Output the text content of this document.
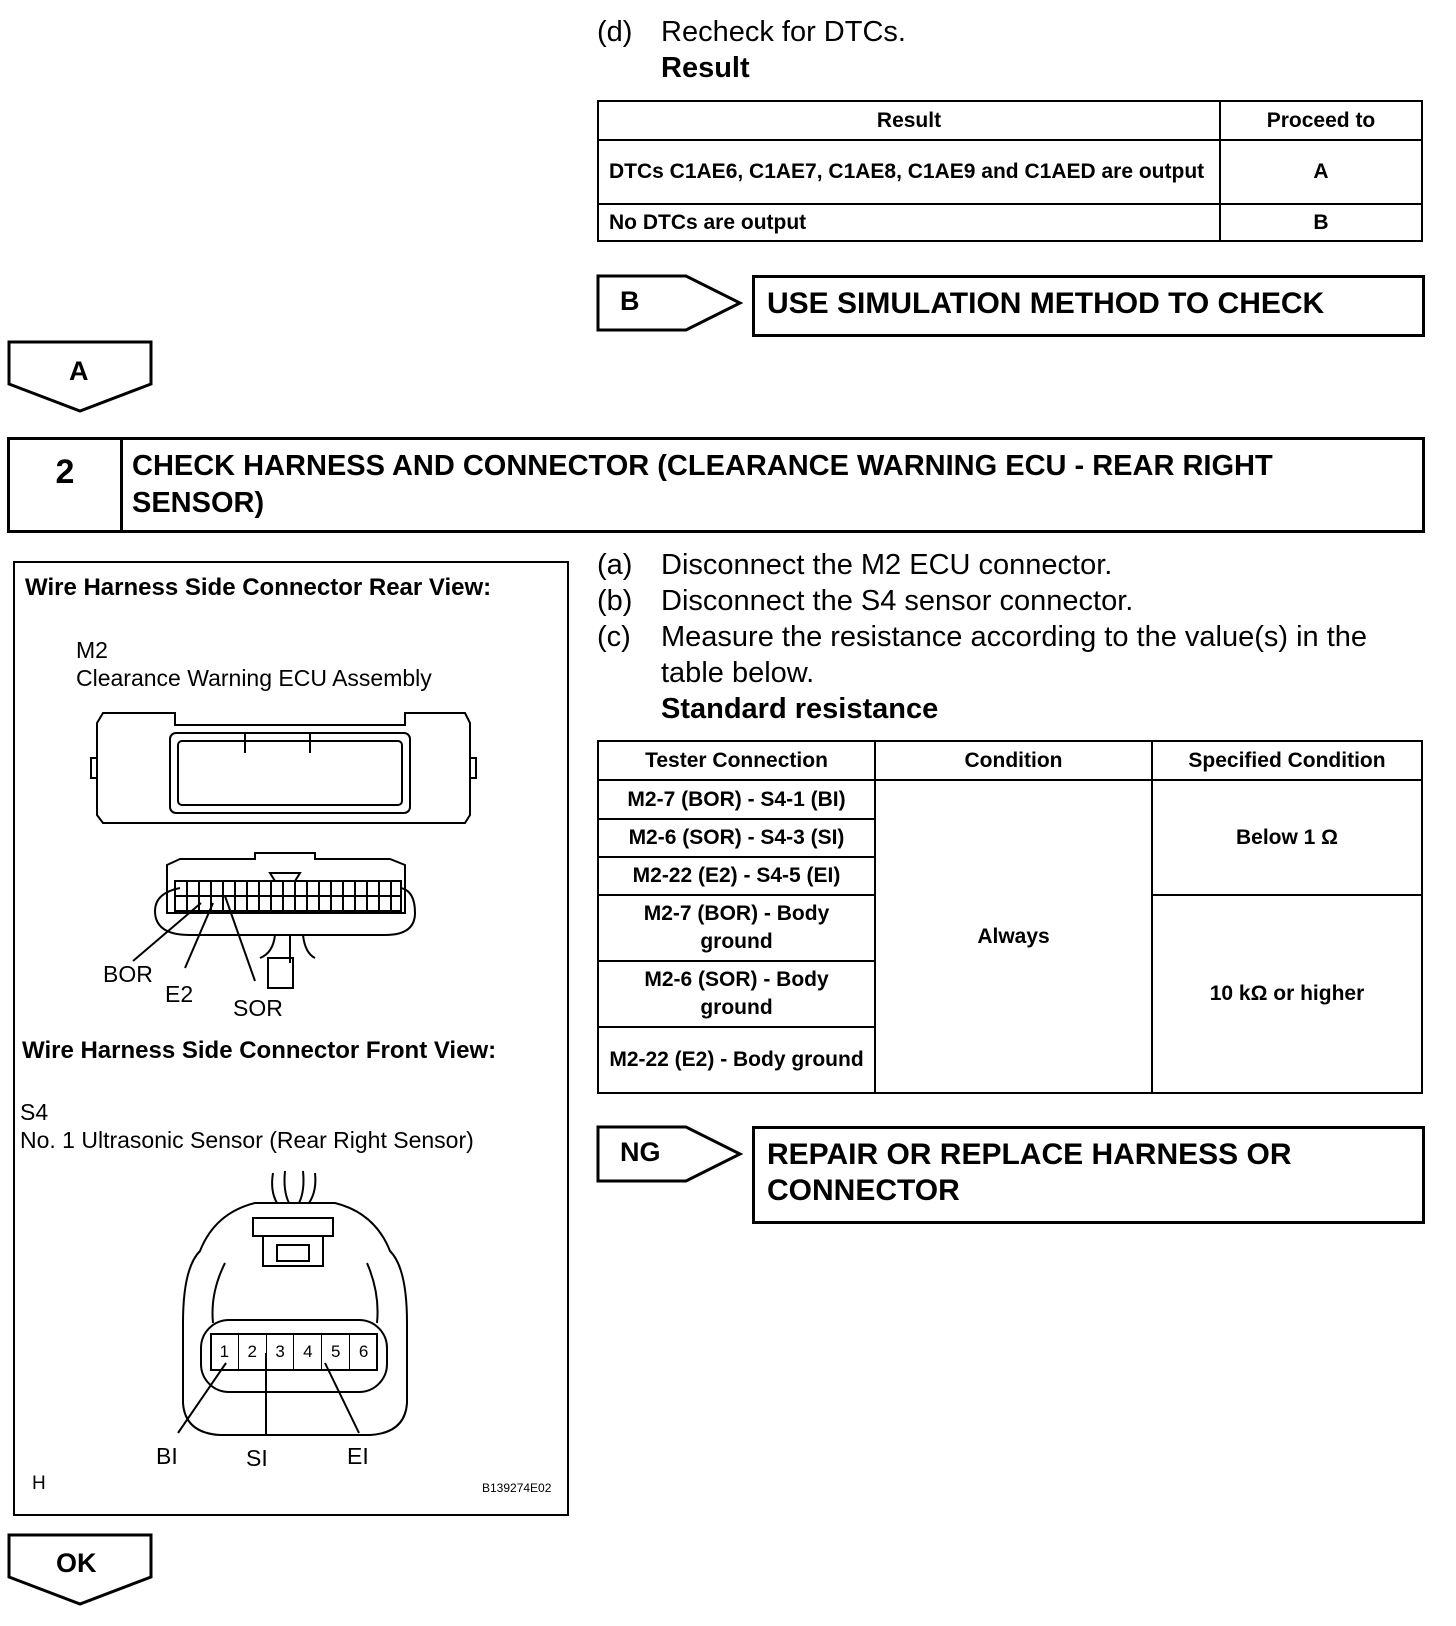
(d) Recheck for DTCs.
Result
Result	Proceed to
DTCs C1AE6, C1AE7, C1AE8, C1AE9 and C1AED are output	A
No DTCs are output	B
B	USE SIMULATION METHOD TO CHECK
A
2	CHECK HARNESS AND CONNECTOR (CLEARANCE WARNING ECU - REAR RIGHT SENSOR)
Wire Harness Side Connector Rear View:
M2
Clearance Warning ECU Assembly
1	2	3	4	5	6
BOR
E2
SOR
Wire Harness Side Connector Front View:
S4
No. 1 Ultrasonic Sensor (Rear Right Sensor)
BI	SI	EI
H	B139274E02
(a) Disconnect the M2 ECU connector.
(b) Disconnect the S4 sensor connector.
(c) Measure the resistance according to the value(s) in the table below.
Standard resistance
Tester Connection	Condition	Specified Condition
M2-7 (BOR) - S4-1 (BI)	Always	Below 1 Ω
M2-6 (SOR) - S4-3 (SI)		
M2-22 (E2) - S4-5 (EI)		
M2-7 (BOR) - Body ground		10 kΩ or higher
M2-6 (SOR) - Body ground		
M2-22 (E2) - Body ground		
NG	REPAIR OR REPLACE HARNESS OR CONNECTOR
OK
